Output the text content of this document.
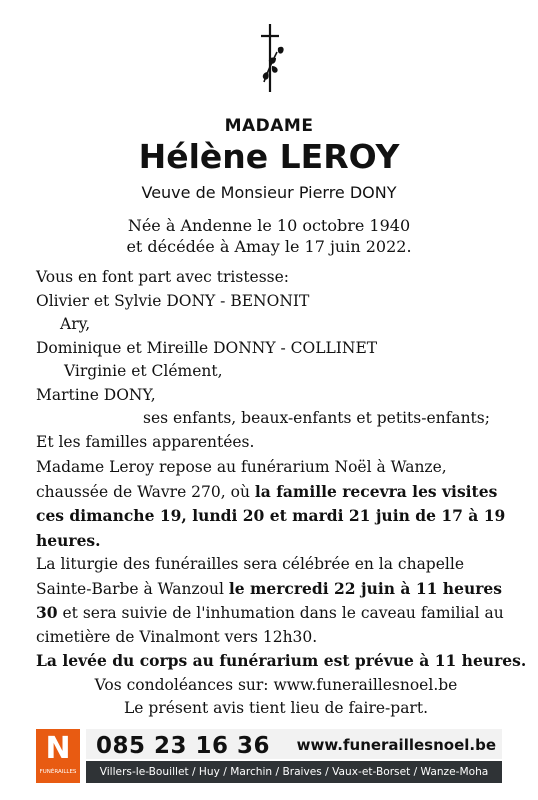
MADAME
Hélène LEROY
Veuve de Monsieur Pierre DONY
Née à Andenne le 10 octobre 1940
et décédée à Amay le 17 juin 2022.
Vous en font part avec tristesse:
Olivier et Sylvie DONY - BENONIT
Ary,
Dominique et Mireille DONNY - COLLINET
Virginie et Clément,
Martine DONY,
ses enfants, beaux-enfants et petits-enfants;
Et les familles apparentées.
Madame Leroy repose au funérarium Noël à Wanze, chaussée de Wavre 270, où la famille recevra les visites ces dimanche 19, lundi 20 et mardi 21 juin de 17 à 19 heures.
La liturgie des funérailles sera célébrée en la chapelle Sainte-Barbe à Wanzoul le mercredi 22 juin à 11 heures 30 et sera suivie de l'inhumation dans le caveau familial au cimetière de Vinalmont vers 12h30.
La levée du corps au funérarium est prévue à 11 heures.
Vos condoléances sur: www.funeraillesnoel.be
Le présent avis tient lieu de faire-part.
N
FUNÉRAILLES
085 23 16 36 www.funeraillesnoel.be
Villers-le-Bouillet / Huy / Marchin / Braives / Vaux-et-Borset / Wanze-Moha
